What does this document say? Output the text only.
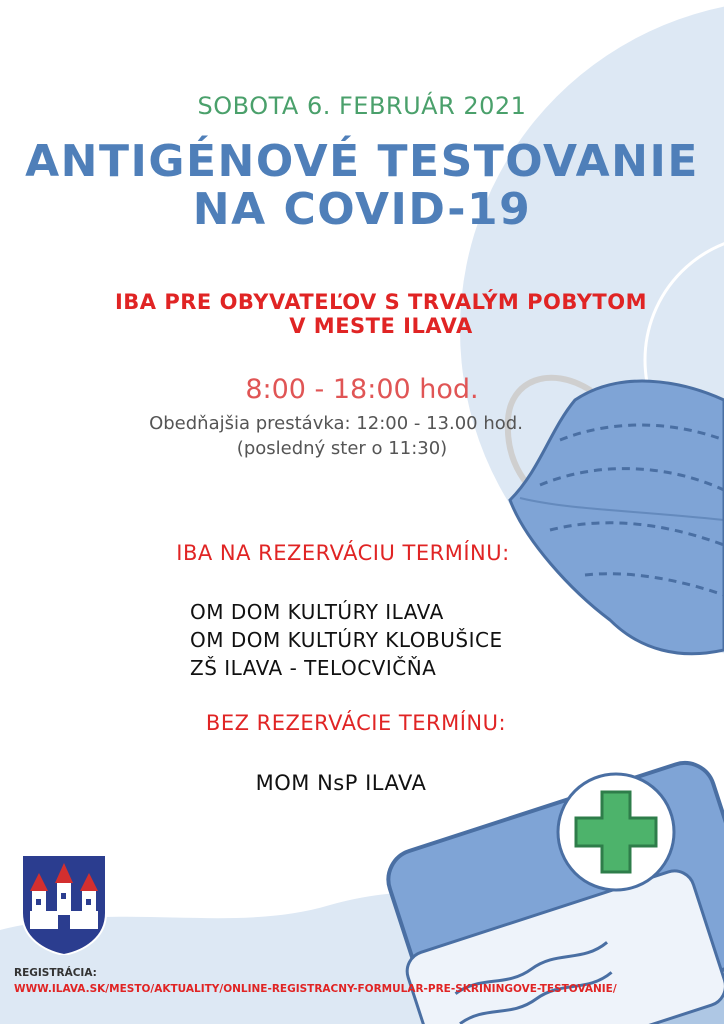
SOBOTA 6. FEBRUÁR 2021
ANTIGÉNOVÉ TESTOVANIE
NA COVID-19
IBA PRE OBYVATEĽOV S TRVALÝM POBYTOM
V MESTE ILAVA
8:00 - 18:00 hod.
Obedňajšia prestávka: 12:00 - 13.00 hod.
(posledný ster o 11:30)
IBA NA REZERVÁCIU TERMÍNU:
OM DOM KULTÚRY ILAVA
OM DOM KULTÚRY KLOBUŠICE
ZŠ ILAVA - TELOCVIČŇA
BEZ REZERVÁCIE TERMÍNU:
MOM NsP ILAVA
REGISTRÁCIA:
WWW.ILAVA.SK/MESTO/AKTUALITY/ONLINE-REGISTRACNY-FORMULAR-PRE-SKRININGOVE-TESTOVANIE/
